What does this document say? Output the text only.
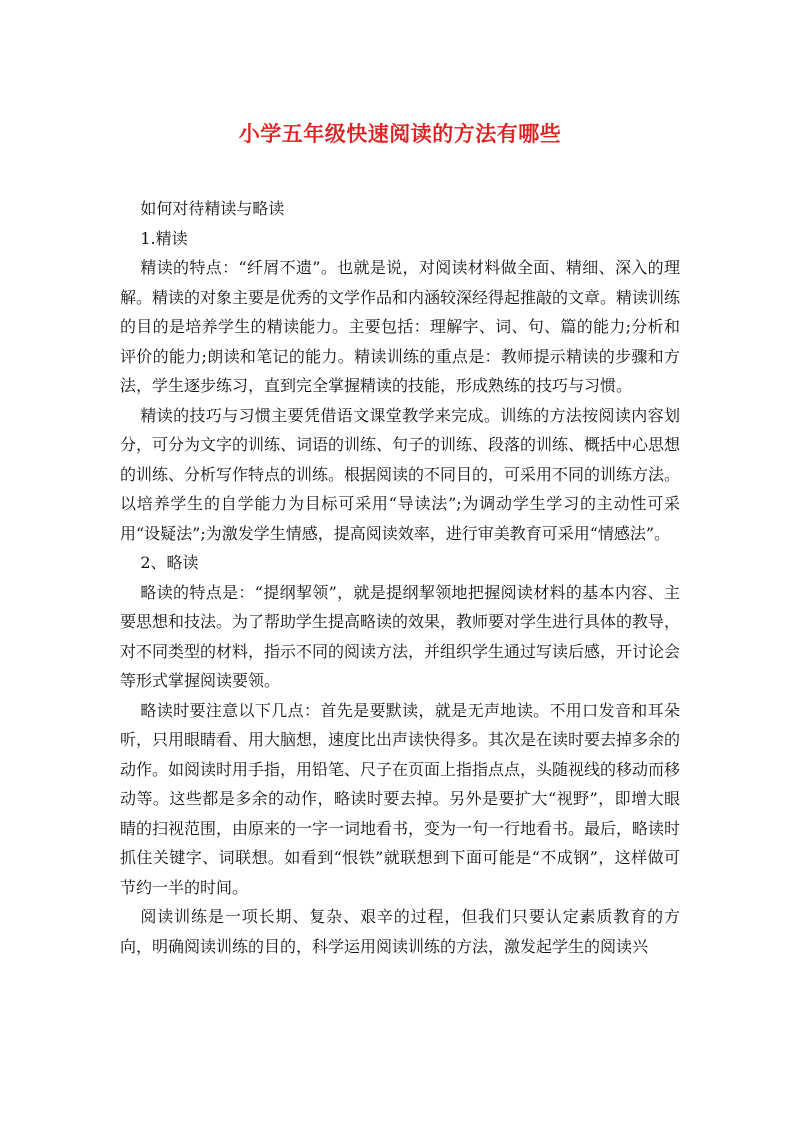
小学五年级快速阅读的方法有哪些

如何对待精读与略读

1.精读

精读的特点：“纤屑不遗”。也就是说，对阅读材料做全面、精细、深入的理解。精读的对象主要是优秀的文学作品和内涵较深经得起推敲的文章。精读训练的目的是培养学生的精读能力。主要包括：理解字、词、句、篇的能力;分析和评价的能力;朗读和笔记的能力。精读训练的重点是：教师提示精读的步骤和方法，学生逐步练习，直到完全掌握精读的技能，形成熟练的技巧与习惯。

精读的技巧与习惯主要凭借语文课堂教学来完成。训练的方法按阅读内容划分，可分为文字的训练、词语的训练、句子的训练、段落的训练、概括中心思想的训练、分析写作特点的训练。根据阅读的不同目的，可采用不同的训练方法。以培养学生的自学能力为目标可采用“导读法”;为调动学生学习的主动性可采用“设疑法”;为激发学生情感，提高阅读效率，进行审美教育可采用“情感法”。

2、略读

略读的特点是：“提纲挈领”，就是提纲挈领地把握阅读材料的基本内容、主要思想和技法。为了帮助学生提高略读的效果，教师要对学生进行具体的教导，对不同类型的材料，指示不同的阅读方法，并组织学生通过写读后感，开讨论会等形式掌握阅读要领。

略读时要注意以下几点：首先是要默读，就是无声地读。不用口发音和耳朵听，只用眼睛看、用大脑想，速度比出声读快得多。其次是在读时要去掉多余的动作。如阅读时用手指，用铅笔、尺子在页面上指指点点，头随视线的移动而移动等。这些都是多余的动作，略读时要去掉。另外是要扩大“视野”，即增大眼睛的扫视范围，由原来的一字一词地看书，变为一句一行地看书。最后，略读时抓住关键字、词联想。如看到“恨铁”就联想到下面可能是“不成钢”，这样做可节约一半的时间。

阅读训练是一项长期、复杂、艰辛的过程，但我们只要认定素质教育的方向，明确阅读训练的目的，科学运用阅读训练的方法，激发起学生的阅读兴
